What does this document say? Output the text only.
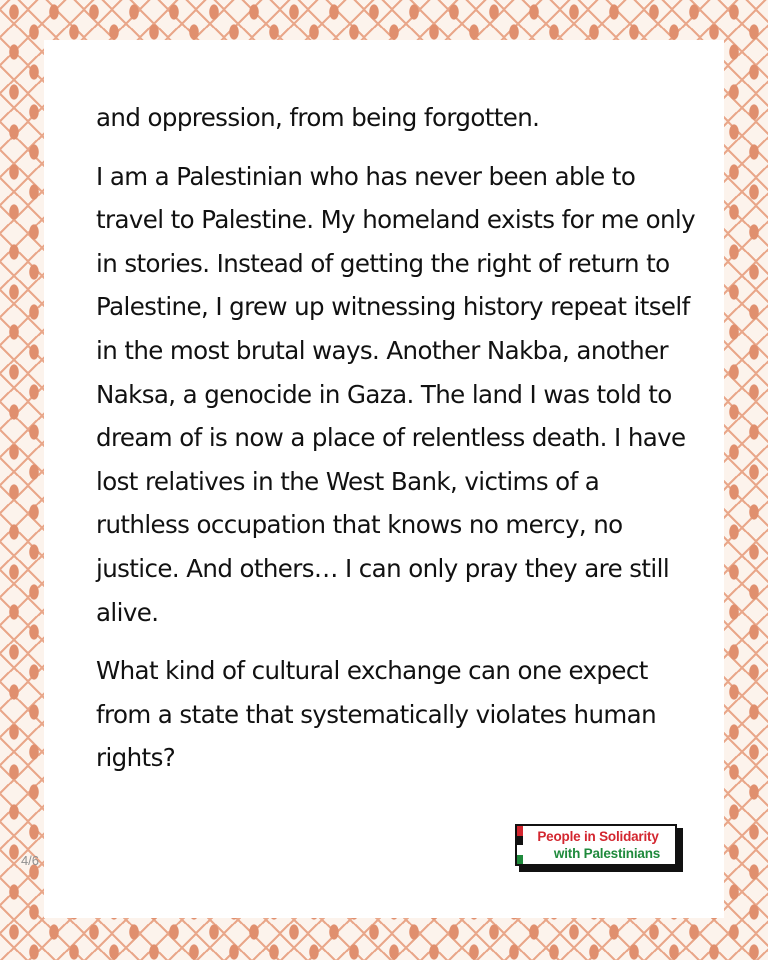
and oppression, from being forgotten.

I am a Palestinian who has never been able to travel to Palestine. My homeland exists for me only in stories. Instead of getting the right of return to Palestine, I grew up witnessing history repeat itself in the most brutal ways. Another Nakba, another Naksa, a genocide in Gaza. The land I was told to dream of is now a place of relentless death. I have lost relatives in the West Bank, victims of a ruthless occupation that knows no mercy, no justice. And others… I can only pray they are still alive.

What kind of cultural exchange can one expect from a state that systematically violates human rights?

4/6
People in Solidarity
with Palestinians
